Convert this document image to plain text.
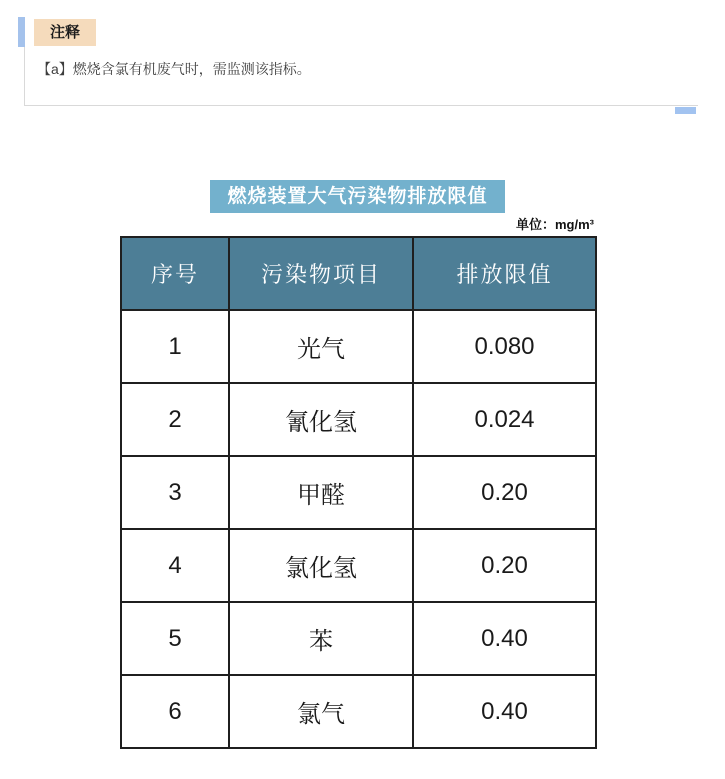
注释

【a】燃烧含氯有机废气时，需监测该指标。

燃烧装置大气污染物排放限值
单位：mg/m³
序号	污染物项目	排放限值
1	光气	0.080
2	氰化氢	0.024
3	甲醛	0.20
4	氯化氢	0.20
5	苯	0.40
6	氯气	0.40
